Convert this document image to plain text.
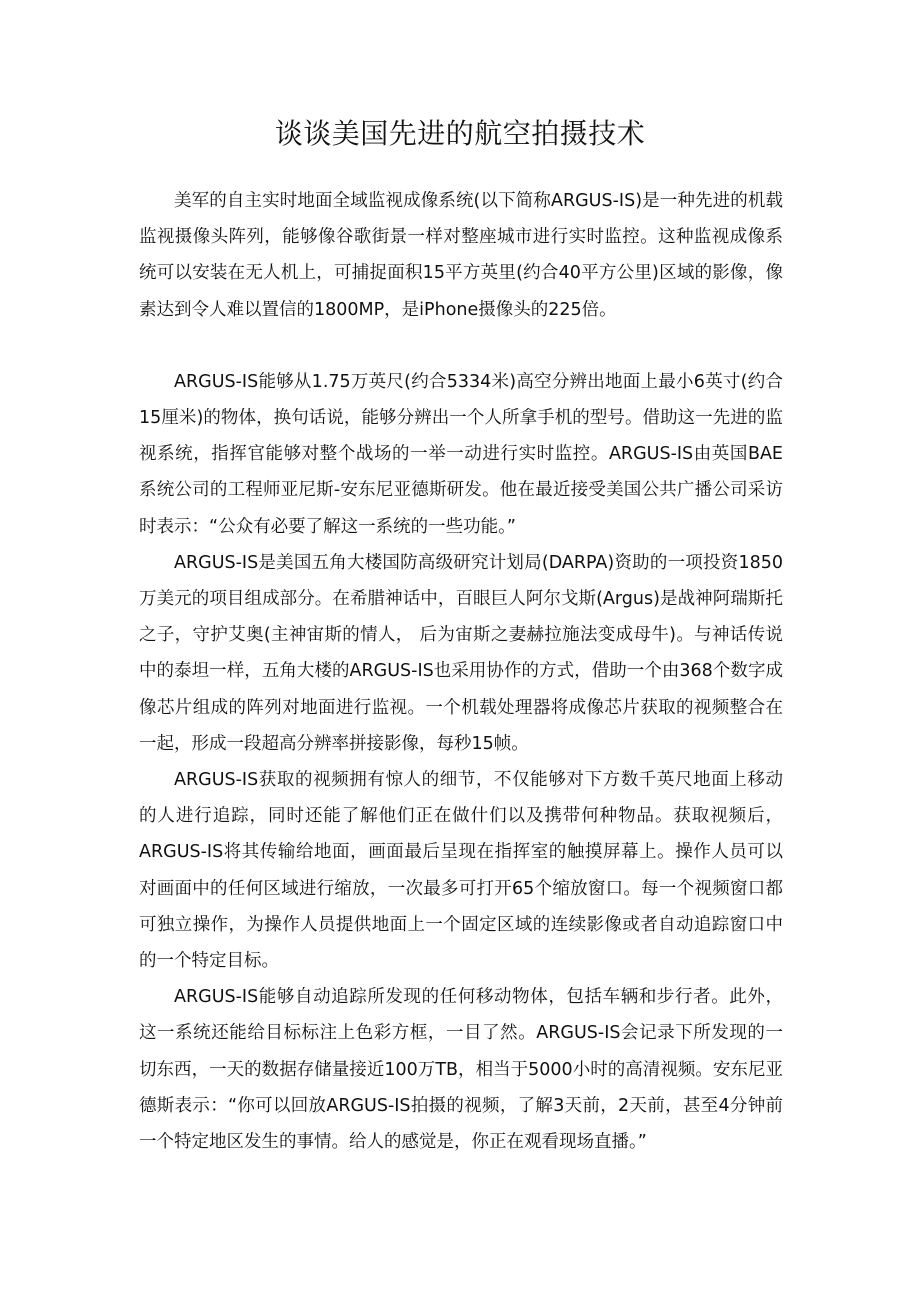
谈谈美国先进的航空拍摄技术

美军的自主实时地面全域监视成像系统(以下简称ARGUS-IS)是一种先进的机载监视摄像头阵列，能够像谷歌街景一样对整座城市进行实时监控。这种监视成像系统可以安装在无人机上，可捕捉面积15平方英里(约合40平方公里)区域的影像，像素达到令人难以置信的1800MP，是iPhone摄像头的225倍。

ARGUS-IS能够从1.75万英尺(约合5334米)高空分辨出地面上最小6英寸(约合15厘米)的物体，换句话说，能够分辨出一个人所拿手机的型号。借助这一先进的监视系统，指挥官能够对整个战场的一举一动进行实时监控。ARGUS-IS由英国BAE系统公司的工程师亚尼斯-安东尼亚德斯研发。他在最近接受美国公共广播公司采访时表示：“公众有必要了解这一系统的一些功能。”

ARGUS-IS是美国五角大楼国防高级研究计划局(DARPA)资助的一项投资1850万美元的项目组成部分。在希腊神话中，百眼巨人阿尔戈斯(Argus)是战神阿瑞斯托之子，守护艾奥(主神宙斯的情人， 后为宙斯之妻赫拉施法变成母牛)。与神话传说中的泰坦一样，五角大楼的ARGUS-IS也采用协作的方式，借助一个由368个数字成像芯片组成的阵列对地面进行监视。一个机载处理器将成像芯片获取的视频整合在一起，形成一段超高分辨率拼接影像，每秒15帧。

ARGUS-IS获取的视频拥有惊人的细节，不仅能够对下方数千英尺地面上移动的人进行追踪，同时还能了解他们正在做什们以及携带何种物品。获取视频后，ARGUS-IS将其传输给地面，画面最后呈现在指挥室的触摸屏幕上。操作人员可以对画面中的任何区域进行缩放，一次最多可打开65个缩放窗口。每一个视频窗口都可独立操作，为操作人员提供地面上一个固定区域的连续影像或者自动追踪窗口中的一个特定目标。

ARGUS-IS能够自动追踪所发现的任何移动物体，包括车辆和步行者。此外，这一系统还能给目标标注上色彩方框，一目了然。ARGUS-IS会记录下所发现的一切东西，一天的数据存储量接近100万TB，相当于5000小时的高清视频。安东尼亚德斯表示：“你可以回放ARGUS-IS拍摄的视频，了解3天前，2天前，甚至4分钟前一个特定地区发生的事情。给人的感觉是，你正在观看现场直播。”
